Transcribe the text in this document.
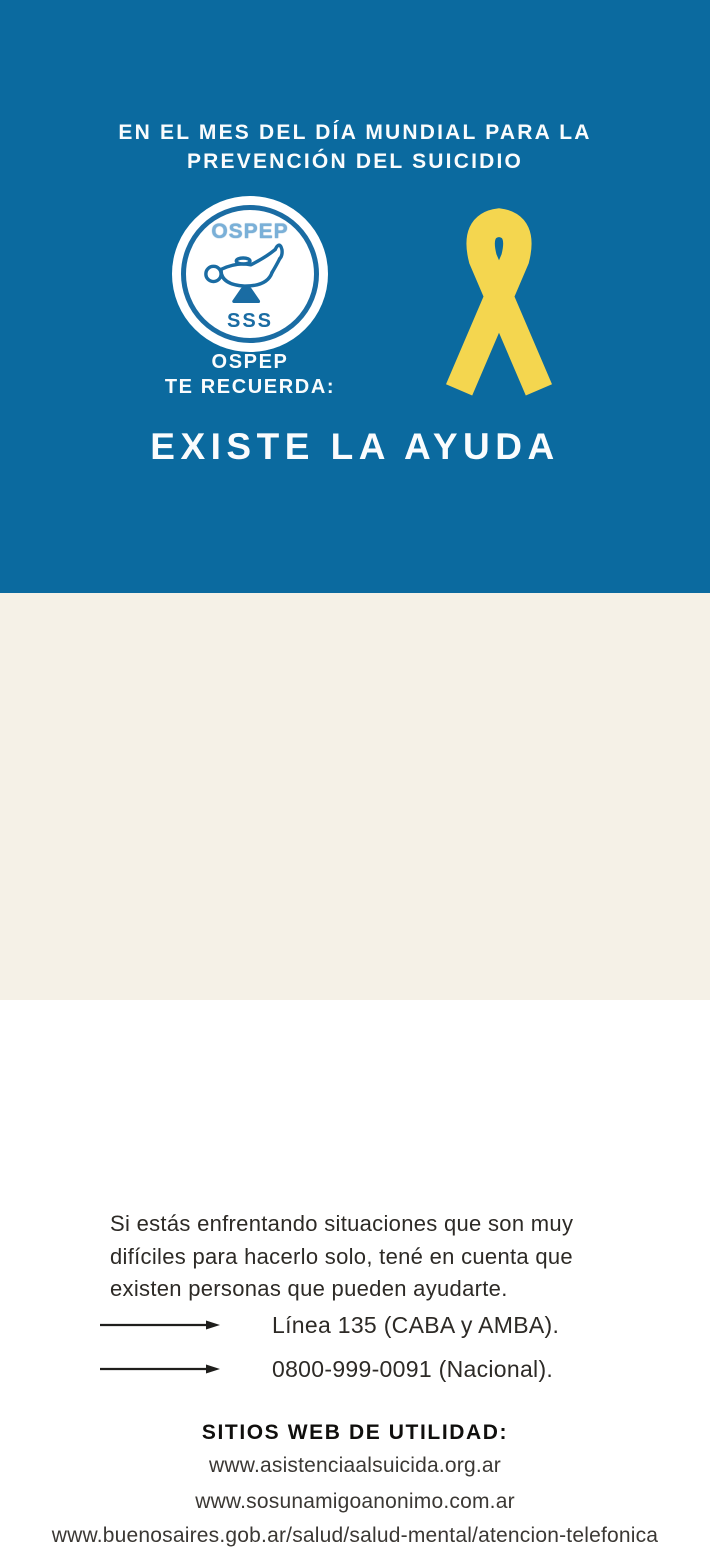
EN EL MES DEL DÍA MUNDIAL PARA LA
PREVENCIÓN DEL SUICIDIO
OSPEP
SSS
OSPEP
TE RECUERDA:
EXISTE LA AYUDA

Si estás enfrentando situaciones que son muy difíciles para hacerlo solo, tené en cuenta que existen personas que pueden ayudarte.

Línea 135 (CABA y AMBA).
0800-999-0091 (Nacional).
SITIOS WEB DE UTILIDAD:
www.asistenciaalsuicida.org.ar
www.sosunamigoanonimo.com.ar
www.buenosaires.gob.ar/salud/salud-mental/atencion-telefonica
